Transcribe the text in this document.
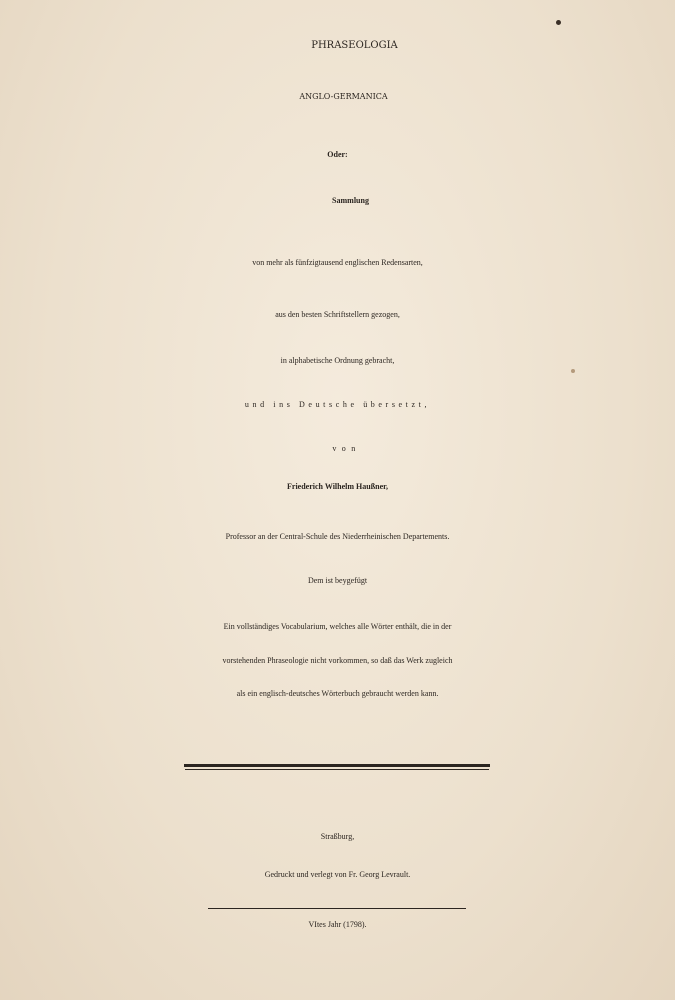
PHRASEOLOGIA
ANGLO-GERMANICA
Oder:
Sammlung
von mehr als fünfzigtausend englischen Redensarten,
aus den besten Schriftstellern gezogen,
in alphabetische Ordnung gebracht,
und ins Deutsche übersetzt,
von
Friederich Wilhelm Haußner,
Professor an der Central-Schule des Niederrheinischen Departements.
Dem ist beygefügt
Ein vollständiges Vocabularium, welches alle Wörter enthält, die in der
vorstehenden Phraseologie nicht vorkommen, so daß das Werk zugleich
als ein englisch-deutsches Wörterbuch gebraucht werden kann.
Straßburg,
Gedruckt und verlegt von Fr. Georg Levrault.
VItes Jahr (1798).
